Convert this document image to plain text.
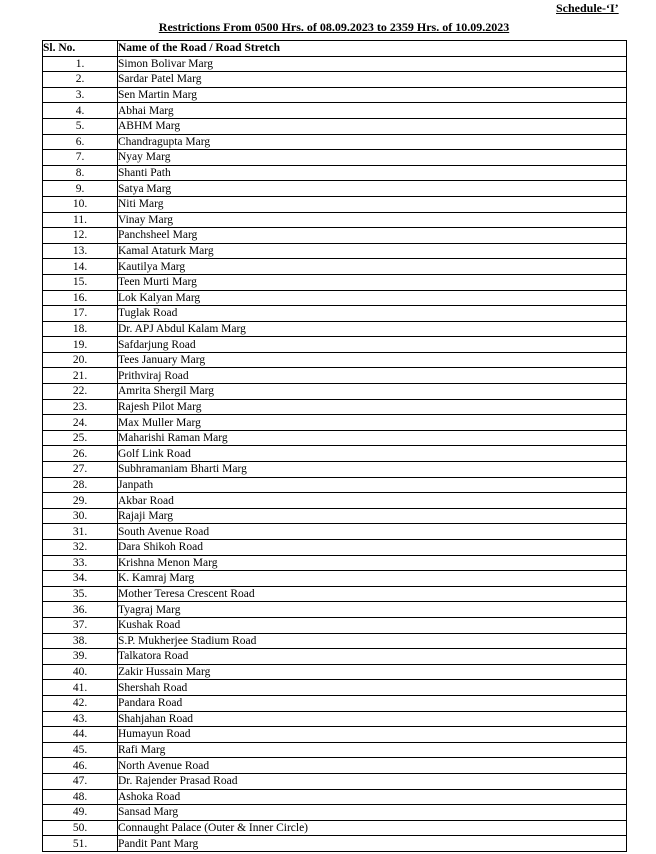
Schedule-‘I’
Restrictions From 0500 Hrs. of 08.09.2023 to 2359 Hrs. of 10.09.2023
Sl. No.	Name of the Road / Road Stretch
1.	Simon Bolivar Marg
2.	Sardar Patel Marg
3.	Sen Martin Marg
4.	Abhai Marg
5.	ABHM Marg
6.	Chandragupta Marg
7.	Nyay Marg
8.	Shanti Path
9.	Satya Marg
10.	Niti Marg
11.	Vinay Marg
12.	Panchsheel Marg
13.	Kamal Ataturk Marg
14.	Kautilya Marg
15.	Teen Murti Marg
16.	Lok Kalyan Marg
17.	Tuglak Road
18.	Dr. APJ Abdul Kalam Marg
19.	Safdarjung Road
20.	Tees January Marg
21.	Prithviraj Road
22.	Amrita Shergil Marg
23.	Rajesh Pilot Marg
24.	Max Muller Marg
25.	Maharishi Raman Marg
26.	Golf Link Road
27.	Subhramaniam Bharti Marg
28.	Janpath
29.	Akbar Road
30.	Rajaji Marg
31.	South Avenue Road
32.	Dara Shikoh Road
33.	Krishna Menon Marg
34.	K. Kamraj Marg
35.	Mother Teresa Crescent Road
36.	Tyagraj Marg
37.	Kushak Road
38.	S.P. Mukherjee Stadium Road
39.	Talkatora Road
40.	Zakir Hussain Marg
41.	Shershah Road
42.	Pandara Road
43.	Shahjahan Road
44.	Humayun Road
45.	Rafi Marg
46.	North Avenue Road
47.	Dr. Rajender Prasad Road
48.	Ashoka Road
49.	Sansad Marg
50.	Connaught Palace (Outer & Inner Circle)
51.	Pandit Pant Marg
